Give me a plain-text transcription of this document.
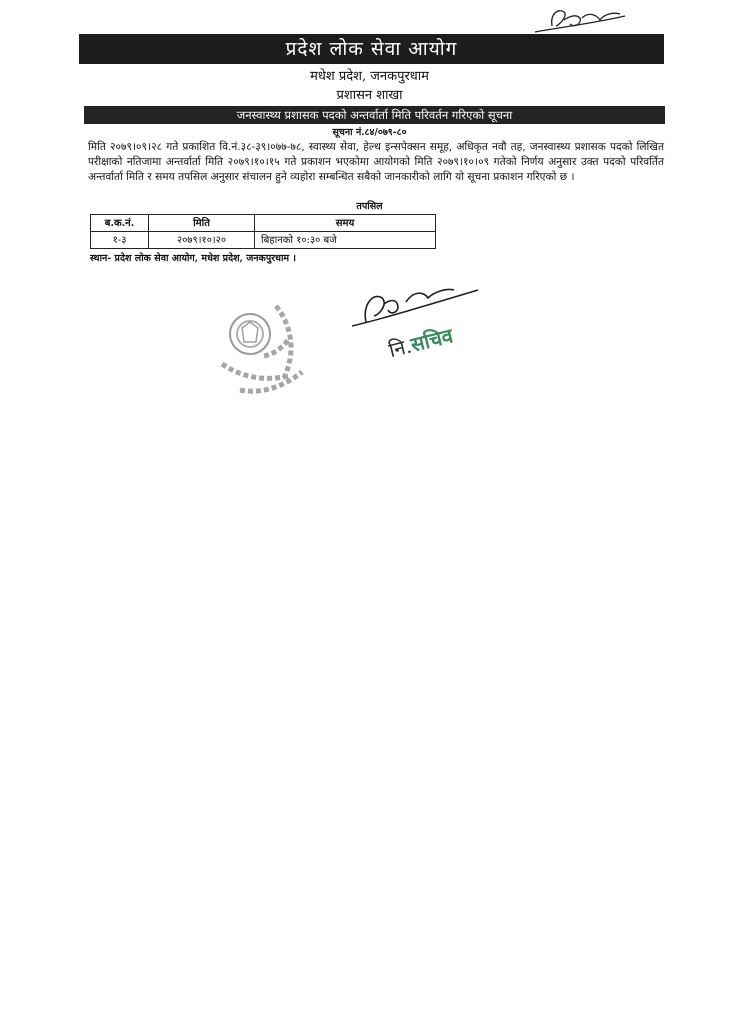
प्रदेश लोक सेवा आयोग
मधेश प्रदेश, जनकपुरधाम
प्रशासन शाखा
जनस्वास्थ्य प्रशासक पदको अन्तर्वार्ता मिति परिवर्तन गरिएको सूचना
सूचना नं.८४/०७९-८०
मिति २०७९।०९।२८ गते प्रकाशित वि.नं.३८-३९।०७७-७८, स्वास्थ्य सेवा, हेल्थ इन्सपेक्सन समूह, अधिकृत नवौ तह, जनस्वास्थ्य प्रशासक पदको लिखित परीक्षाको नतिजामा अन्तर्वार्ता मिति २०७९।१०।१५ गते प्रकाशन भएकोमा आयोगको मिति २०७९।१०।०९ गतेको निर्णय अनुसार उक्त पदको परिवर्तित अन्तर्वार्ता मिति र समय तपसिल अनुसार संचालन हुने व्यहोरा सम्बन्धित सबैको जानकारीको लागि यो सूचना प्रकाशन गरिएको छ ।
तपसिल
ब.क.नं.	मिति	समय
१-३	२०७९।१०।२०	बिहानको १०:३० बजे
स्थान- प्रदेश लोक सेवा आयोग, मधेश प्रदेश, जनकपुरधाम ।
नि.सचिव
